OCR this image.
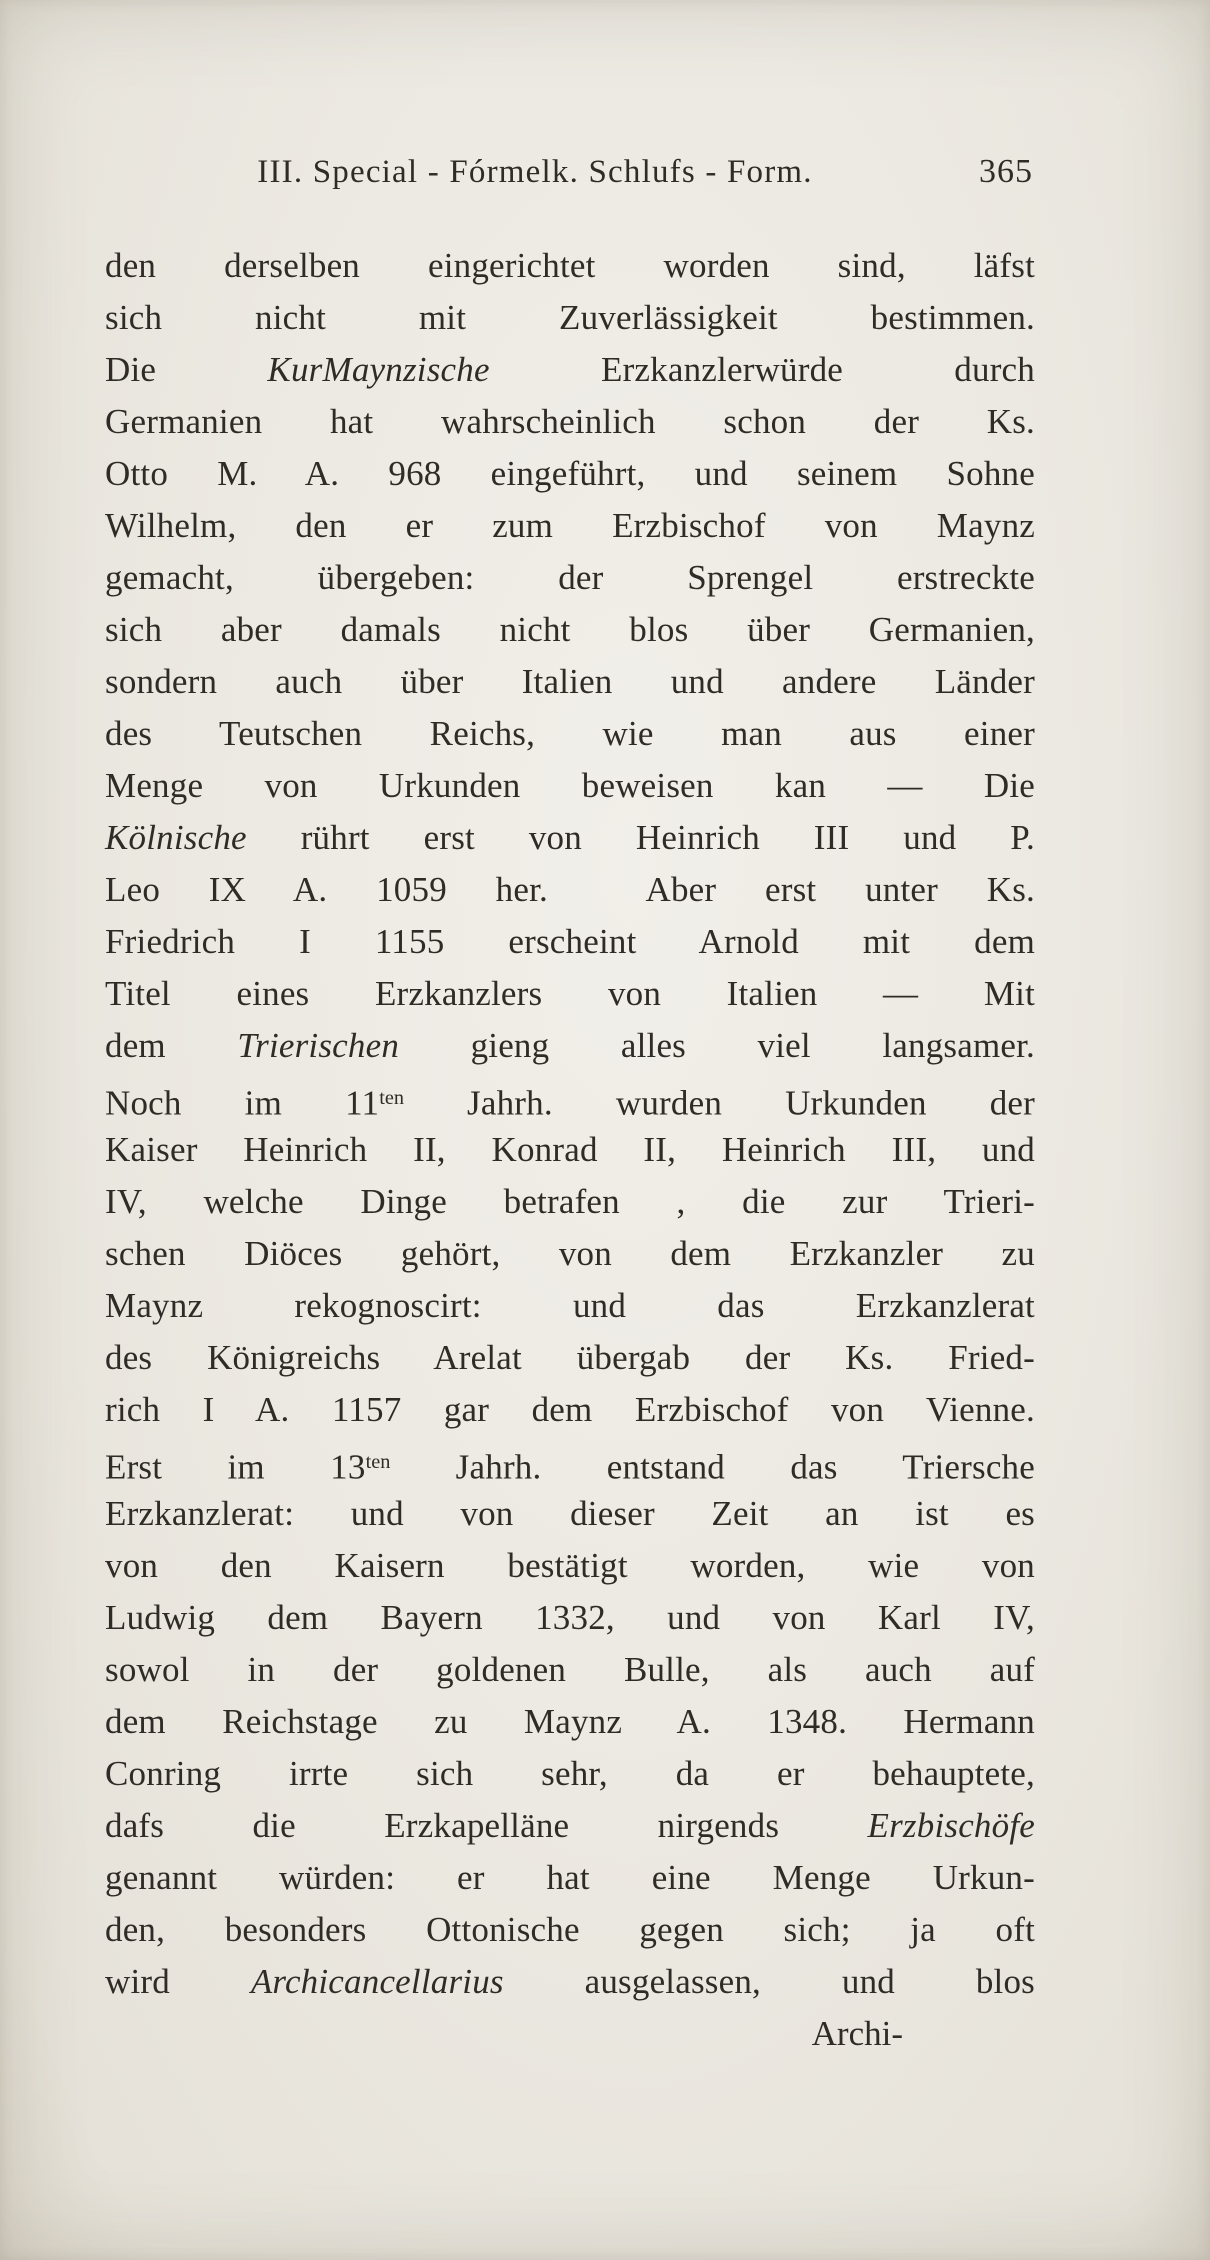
III. Special - Fórmelk. Schlufs - Form.	365
den derselben eingerichtet worden sind, läfst
sich nicht mit Zuverlässigkeit bestimmen.
Die KurMaynzische Erzkanzlerwürde durch
Germanien hat wahrscheinlich schon der Ks.
Otto M. A. 968 eingeführt, und seinem Sohne
Wilhelm, den er zum Erzbischof von Maynz
gemacht, übergeben: der Sprengel erstreckte
sich aber damals nicht blos über Germanien,
sondern auch über Italien und andere Länder
des Teutschen Reichs, wie man aus einer
Menge von Urkunden beweisen kan — Die
Kölnische rührt erst von Heinrich III und P.
Leo IX A. 1059 her.  Aber erst unter Ks.
Friedrich I 1155 erscheint Arnold mit dem
Titel eines Erzkanzlers von Italien — Mit
dem Trierischen gieng alles viel langsamer.
Noch im $11^{ten}$ Jahrh. wurden Urkunden der
Kaiser Heinrich II, Konrad II, Heinrich III, und
IV, welche Dinge betrafen , die zur Trieri-
schen Diöces gehört, von dem Erzkanzler zu
Maynz rekognoscirt: und das Erzkanzlerat
des Königreichs Arelat übergab der Ks. Fried-
rich I A. 1157 gar dem Erzbischof von Vienne.
Erst im $13^{ten}$ Jahrh. entstand das Triersche
Erzkanzlerat: und von dieser Zeit an ist es
von den Kaisern bestätigt worden, wie von
Ludwig dem Bayern 1332, und von Karl IV,
sowol in der goldenen Bulle, als auch auf
dem Reichstage zu Maynz A. 1348. Hermann
Conring irrte sich sehr, da er behauptete,
dafs die Erzkapelläne nirgends Erzbischöfe
genannt würden: er hat eine Menge Urkun-
den, besonders Ottonische gegen sich; ja oft
wird Archicancellarius ausgelassen, und blos
Archi-
